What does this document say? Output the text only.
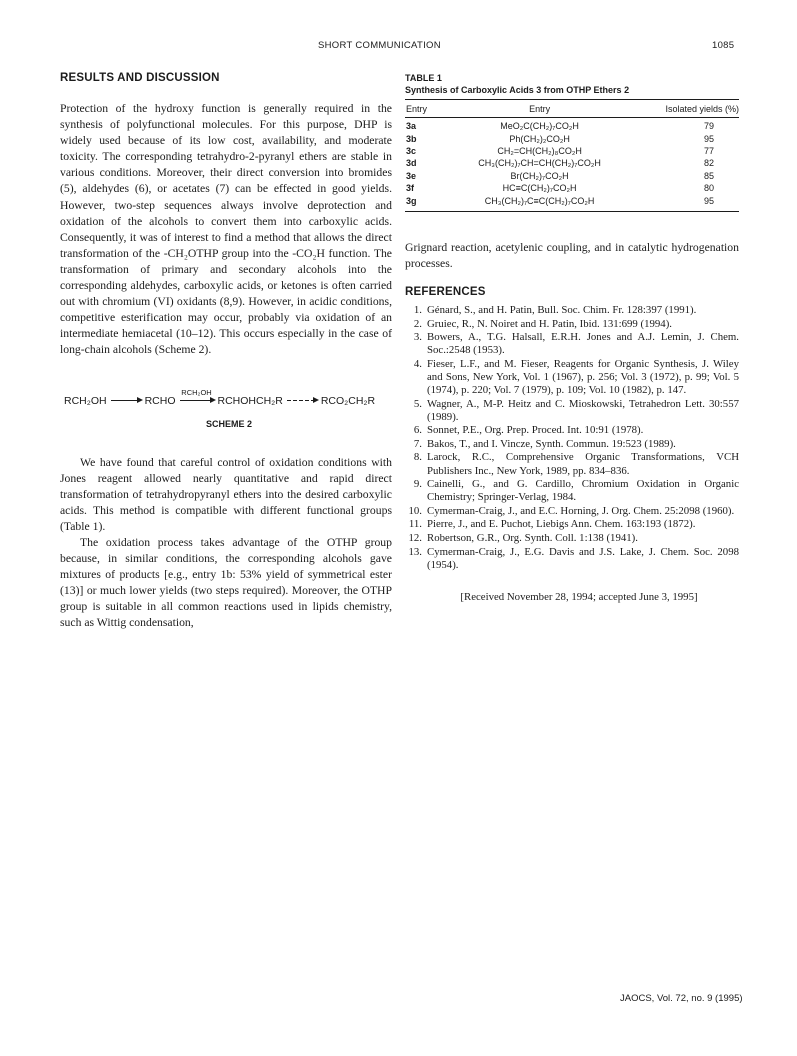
SHORT COMMUNICATION	1085
RESULTS AND DISCUSSION

Protection of the hydroxy function is generally required in the synthesis of polyfunctional molecules. For this purpose, DHP is widely used because of its low cost, availability, and moderate toxicity. The corresponding tetrahydro-2-pyranyl ethers are stable in various conditions. Moreover, their direct conversion into bromides (5), aldehydes (6), or acetates (7) can be effected in good yields. However, two-step sequences always involve deprotection and oxidation of the alcohols to convert them into carboxylic acids. Consequently, it was of interest to find a method that allows the direct transformation of the -CH₂OTHP group into the -CO₂H function. The transformation of primary and secondary alcohols into the corresponding aldehydes, carboxylic acids, or ketones is often carried out with chromium (VI) oxidants (8,9). However, in acidic conditions, competitive esterification may occur, probably via oxidation of an intermediate hemiacetal (10–12). This occurs especially in the case of long-chain alcohols (Scheme 2).

RCH₂OH	RCHO
RCH₂OH
RCHOHCH₂R	RCO₂CH₂R
SCHEME 2

We have found that careful control of oxidation conditions with Jones reagent allowed nearly quantitative and rapid direct transformation of tetrahydropyranyl ethers into the desired carboxylic acids. This method is compatible with different functional groups (Table 1).

The oxidation process takes advantage of the OTHP group because, in similar conditions, the corresponding alcohols gave mixtures of products [e.g., entry 1b: 53% yield of symmetrical ester (13)] or much lower yields (two steps required). Moreover, the OTHP group is suitable in all common reactions used in lipids chemistry, such as Wittig condensation,

TABLE 1
Synthesis of Carboxylic Acids 3 from OTHP Ethers 2
Entry	Entry	Isolated yields (%)
3a	MeO₂C(CH₂)₇CO₂H	79
3b	Ph(CH₂)₂CO₂H	95
3c	CH₂=CH(CH₂)₈CO₂H	77
3d	CH₃(CH₂)₇CH=CH(CH₂)₇CO₂H	82
3e	Br(CH₂)₇CO₂H	85
3f	HC≡C(CH₂)₇CO₂H	80
3g	CH₃(CH₂)₇C≡C(CH₂)₇CO₂H	95

Grignard reaction, acetylenic coupling, and in catalytic hydrogenation processes.

REFERENCES
1. Génard, S., and H. Patin, Bull. Soc. Chim. Fr. 128:397 (1991).
2. Gruiec, R., N. Noiret and H. Patin, Ibid. 131:699 (1994).
3. Bowers, A., T.G. Halsall, E.R.H. Jones and A.J. Lemin, J. Chem. Soc.:2548 (1953).
4. Fieser, L.F., and M. Fieser, Reagents for Organic Synthesis, J. Wiley and Sons, New York, Vol. 1 (1967), p. 256; Vol. 3 (1972), p. 99; Vol. 5 (1974), p. 220; Vol. 7 (1979), p. 109; Vol. 10 (1982), p. 147.
5. Wagner, A., M-P. Heitz and C. Mioskowski, Tetrahedron Lett. 30:557 (1989).
6. Sonnet, P.E., Org. Prep. Proced. Int. 10:91 (1978).
7. Bakos, T., and I. Vincze, Synth. Commun. 19:523 (1989).
8. Larock, R.C., Comprehensive Organic Transformations, VCH Publishers Inc., New York, 1989, pp. 834–836.
9. Cainelli, G., and G. Cardillo, Chromium Oxidation in Organic Chemistry; Springer-Verlag, 1984.
10. Cymerman-Craig, J., and E.C. Horning, J. Org. Chem. 25:2098 (1960).
11. Pierre, J., and E. Puchot, Liebigs Ann. Chem. 163:193 (1872).
12. Robertson, G.R., Org. Synth. Coll. 1:138 (1941).
13. Cymerman-Craig, J., E.G. Davis and J.S. Lake, J. Chem. Soc. 2098 (1954).
[Received November 28, 1994; accepted June 3, 1995]
JAOCS, Vol. 72, no. 9 (1995)
